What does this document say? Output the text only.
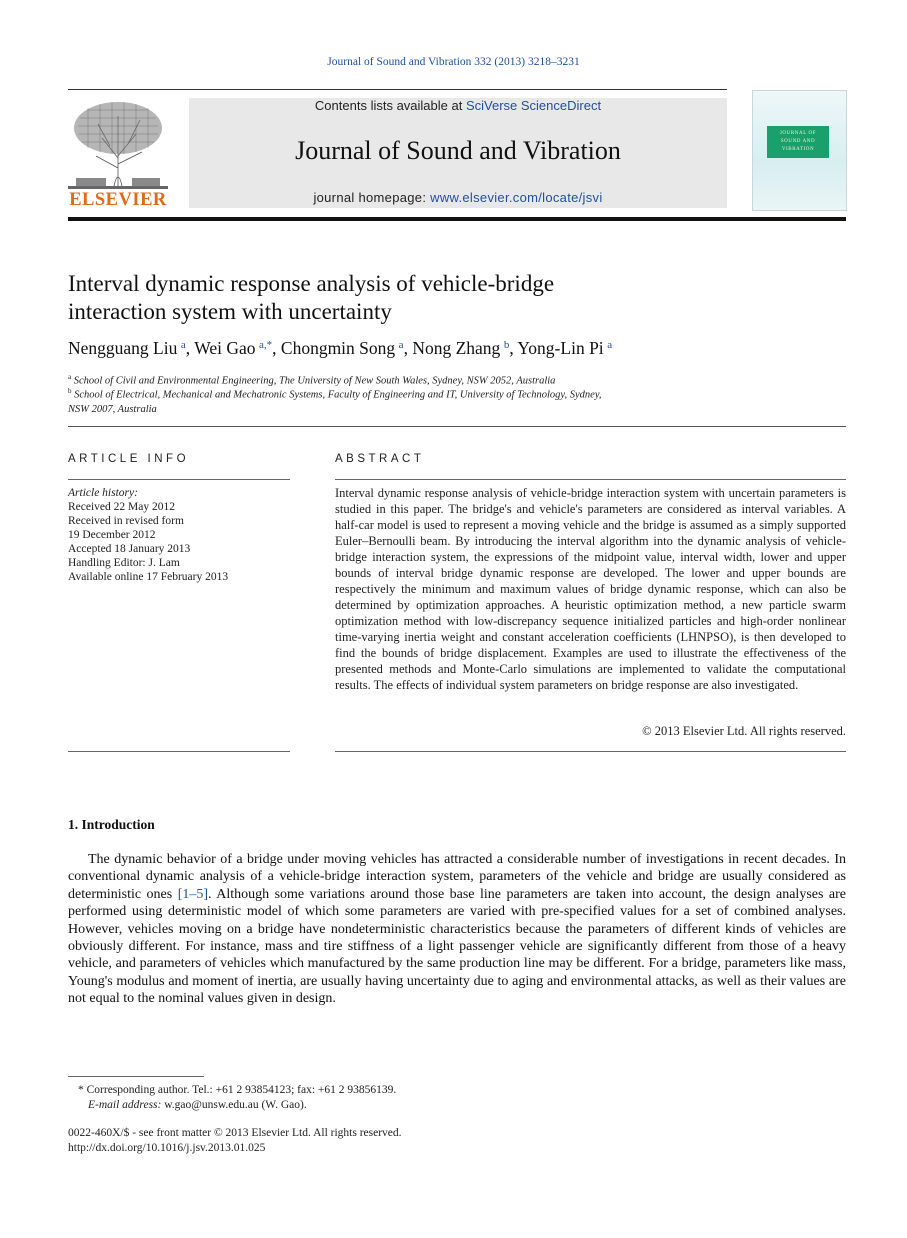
Journal of Sound and Vibration 332 (2013) 3218–3231
ELSEVIER
Contents lists available at SciVerse ScienceDirect
Journal of Sound and Vibration
journal homepage: www.elsevier.com/locate/jsvi
JOURNAL OF
SOUND AND
VIBRATION
Interval dynamic response analysis of vehicle-bridge
interaction system with uncertainty
Nengguang Liu  $^a$, Wei Gao  $^{a,*}$, Chongmin Song  $^a$, Nong Zhang  $^b$, Yong-Lin Pi  $^a$
$^a$ School of Civil and Environmental Engineering, The University of New South Wales, Sydney, NSW 2052, Australia
$^b$ School of Electrical, Mechanical and Mechatronic Systems, Faculty of Engineering and IT, University of Technology, Sydney,
NSW 2007, Australia
ARTICLE INFO	ABSTRACT
Article history:
Received 22 May 2012
Received in revised form
19 December 2012
Accepted 18 January 2013
Handling Editor: J. Lam
Available online 17 February 2013
Interval dynamic response analysis of vehicle-bridge interaction system with uncertain parameters is studied in this paper. The bridge's and vehicle's parameters are considered as interval variables. A half-car model is used to represent a moving vehicle and the bridge is assumed as a simply supported Euler–Bernoulli beam. By introducing the interval algorithm into the dynamic analysis of vehicle-bridge interaction system, the expressions of the midpoint value, interval width, lower and upper bounds of interval bridge dynamic response are developed. The lower and upper bounds are respectively the minimum and maximum values of bridge dynamic response, which can also be determined by optimization approaches. A heuristic optimization method, a new particle swarm optimization method with low-discrepancy sequence initialized particles and high-order nonlinear time-varying inertia weight and constant acceleration coefficients (LHNPSO), is then developed to find the bounds of bridge displacement. Examples are used to illustrate the effectiveness of the presented methods and Monte-Carlo simulations are implemented to validate the computational results. The effects of individual system parameters on bridge response are also investigated.
© 2013 Elsevier Ltd. All rights reserved.
1. Introduction
The dynamic behavior of a bridge under moving vehicles has attracted a considerable number of investigations in recent decades. In conventional dynamic analysis of a vehicle-bridge interaction system, parameters of the vehicle and bridge are usually considered as deterministic ones [1–5]. Although some variations around those base line parameters are taken into account, the design analyses are performed using deterministic model of which some parameters are varied with pre-specified values for a set of combined analyses. However, vehicles moving on a bridge have nondeterministic characteristics because the parameters of different kinds of vehicles are obviously different. For instance, mass and tire stiffness of a light passenger vehicle are significantly different from those of a heavy vehicle, and parameters of vehicles which manufactured by the same production line may be different. For a bridge, parameters like mass, Young's modulus and moment of inertia, are usually having uncertainty due to aging and environmental attacks, as well as their values are not equal to the nominal values given in design.
* Corresponding author. Tel.: +61 2 93854123; fax: +61 2 93856139.
E-mail address: w.gao@unsw.edu.au (W. Gao).
0022-460X/$ - see front matter © 2013 Elsevier Ltd. All rights reserved.
http://dx.doi.org/10.1016/j.jsv.2013.01.025
